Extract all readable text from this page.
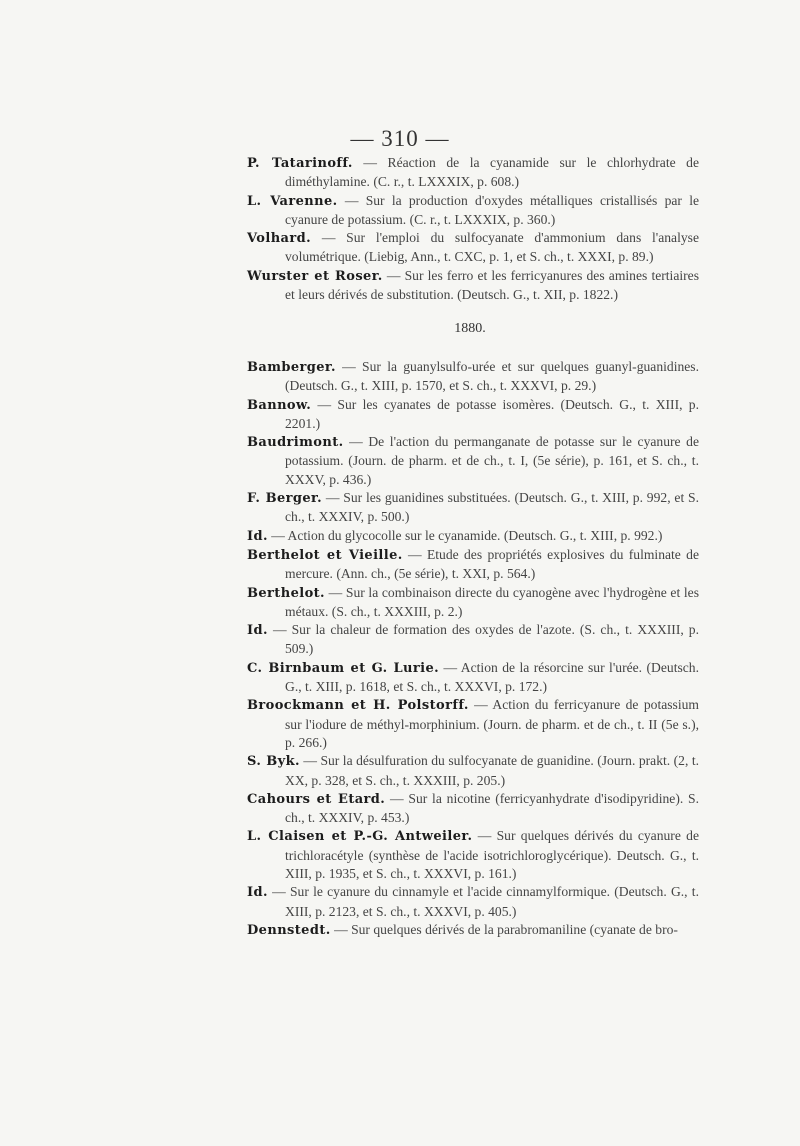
— 310 —

P. Tatarinoff. — Réaction de la cyanamide sur le chlorhydrate de diméthylamine. (C. r., t. LXXXIX, p. 608.)

L. Varenne. — Sur la production d'oxydes métalliques cristallisés par le cyanure de potassium. (C. r., t. LXXXIX, p. 360.)

Volhard. — Sur l'emploi du sulfocyanate d'ammonium dans l'analyse volumétrique. (Liebig, Ann., t. CXC, p. 1, et S. ch., t. XXXI, p. 89.)

Wurster et Roser. — Sur les ferro et les ferricyanures des amines tertiaires et leurs dérivés de substitution. (Deutsch. G., t. XII, p. 1822.)

1880.

Bamberger. — Sur la guanylsulfo-urée et sur quelques guanyl-guanidines. (Deutsch. G., t. XIII, p. 1570, et S. ch., t. XXXVI, p. 29.)

Bannow. — Sur les cyanates de potasse isomères. (Deutsch. G., t. XIII, p. 2201.)

Baudrimont. — De l'action du permanganate de potasse sur le cyanure de potassium. (Journ. de pharm. et de ch., t. I, (5e série), p. 161, et S. ch., t. XXXV, p. 436.)

F. Berger. — Sur les guanidines substituées. (Deutsch. G., t. XIII, p. 992, et S. ch., t. XXXIV, p. 500.)

Id. — Action du glycocolle sur le cyanamide. (Deutsch. G., t. XIII, p. 992.)

Berthelot et Vieille. — Etude des propriétés explosives du fulminate de mercure. (Ann. ch., (5e série), t. XXI, p. 564.)

Berthelot. — Sur la combinaison directe du cyanogène avec l'hydrogène et les métaux. (S. ch., t. XXXIII, p. 2.)

Id. — Sur la chaleur de formation des oxydes de l'azote. (S. ch., t. XXXIII, p. 509.)

C. Birnbaum et G. Lurie. — Action de la résorcine sur l'urée. (Deutsch. G., t. XIII, p. 1618, et S. ch., t. XXXVI, p. 172.)

Broockmann et H. Polstorff. — Action du ferricyanure de potassium sur l'iodure de méthyl-morphinium. (Journ. de pharm. et de ch., t. II (5e s.), p. 266.)

S. Byk. — Sur la désulfuration du sulfocyanate de guanidine. (Journ. prakt. (2, t. XX, p. 328, et S. ch., t. XXXIII, p. 205.)

Cahours et Etard. — Sur la nicotine (ferricyanhydrate d'isodipyridine). S. ch., t. XXXIV, p. 453.)

L. Claisen et P.-G. Antweiler. — Sur quelques dérivés du cyanure de trichloracétyle (synthèse de l'acide isotrichloroglycérique). Deutsch. G., t. XIII, p. 1935, et S. ch., t. XXXVI, p. 161.)

Id. — Sur le cyanure du cinnamyle et l'acide cinnamylformique. (Deutsch. G., t. XIII, p. 2123, et S. ch., t. XXXVI, p. 405.)

Dennstedt. — Sur quelques dérivés de la parabromaniline (cyanate de bro-
